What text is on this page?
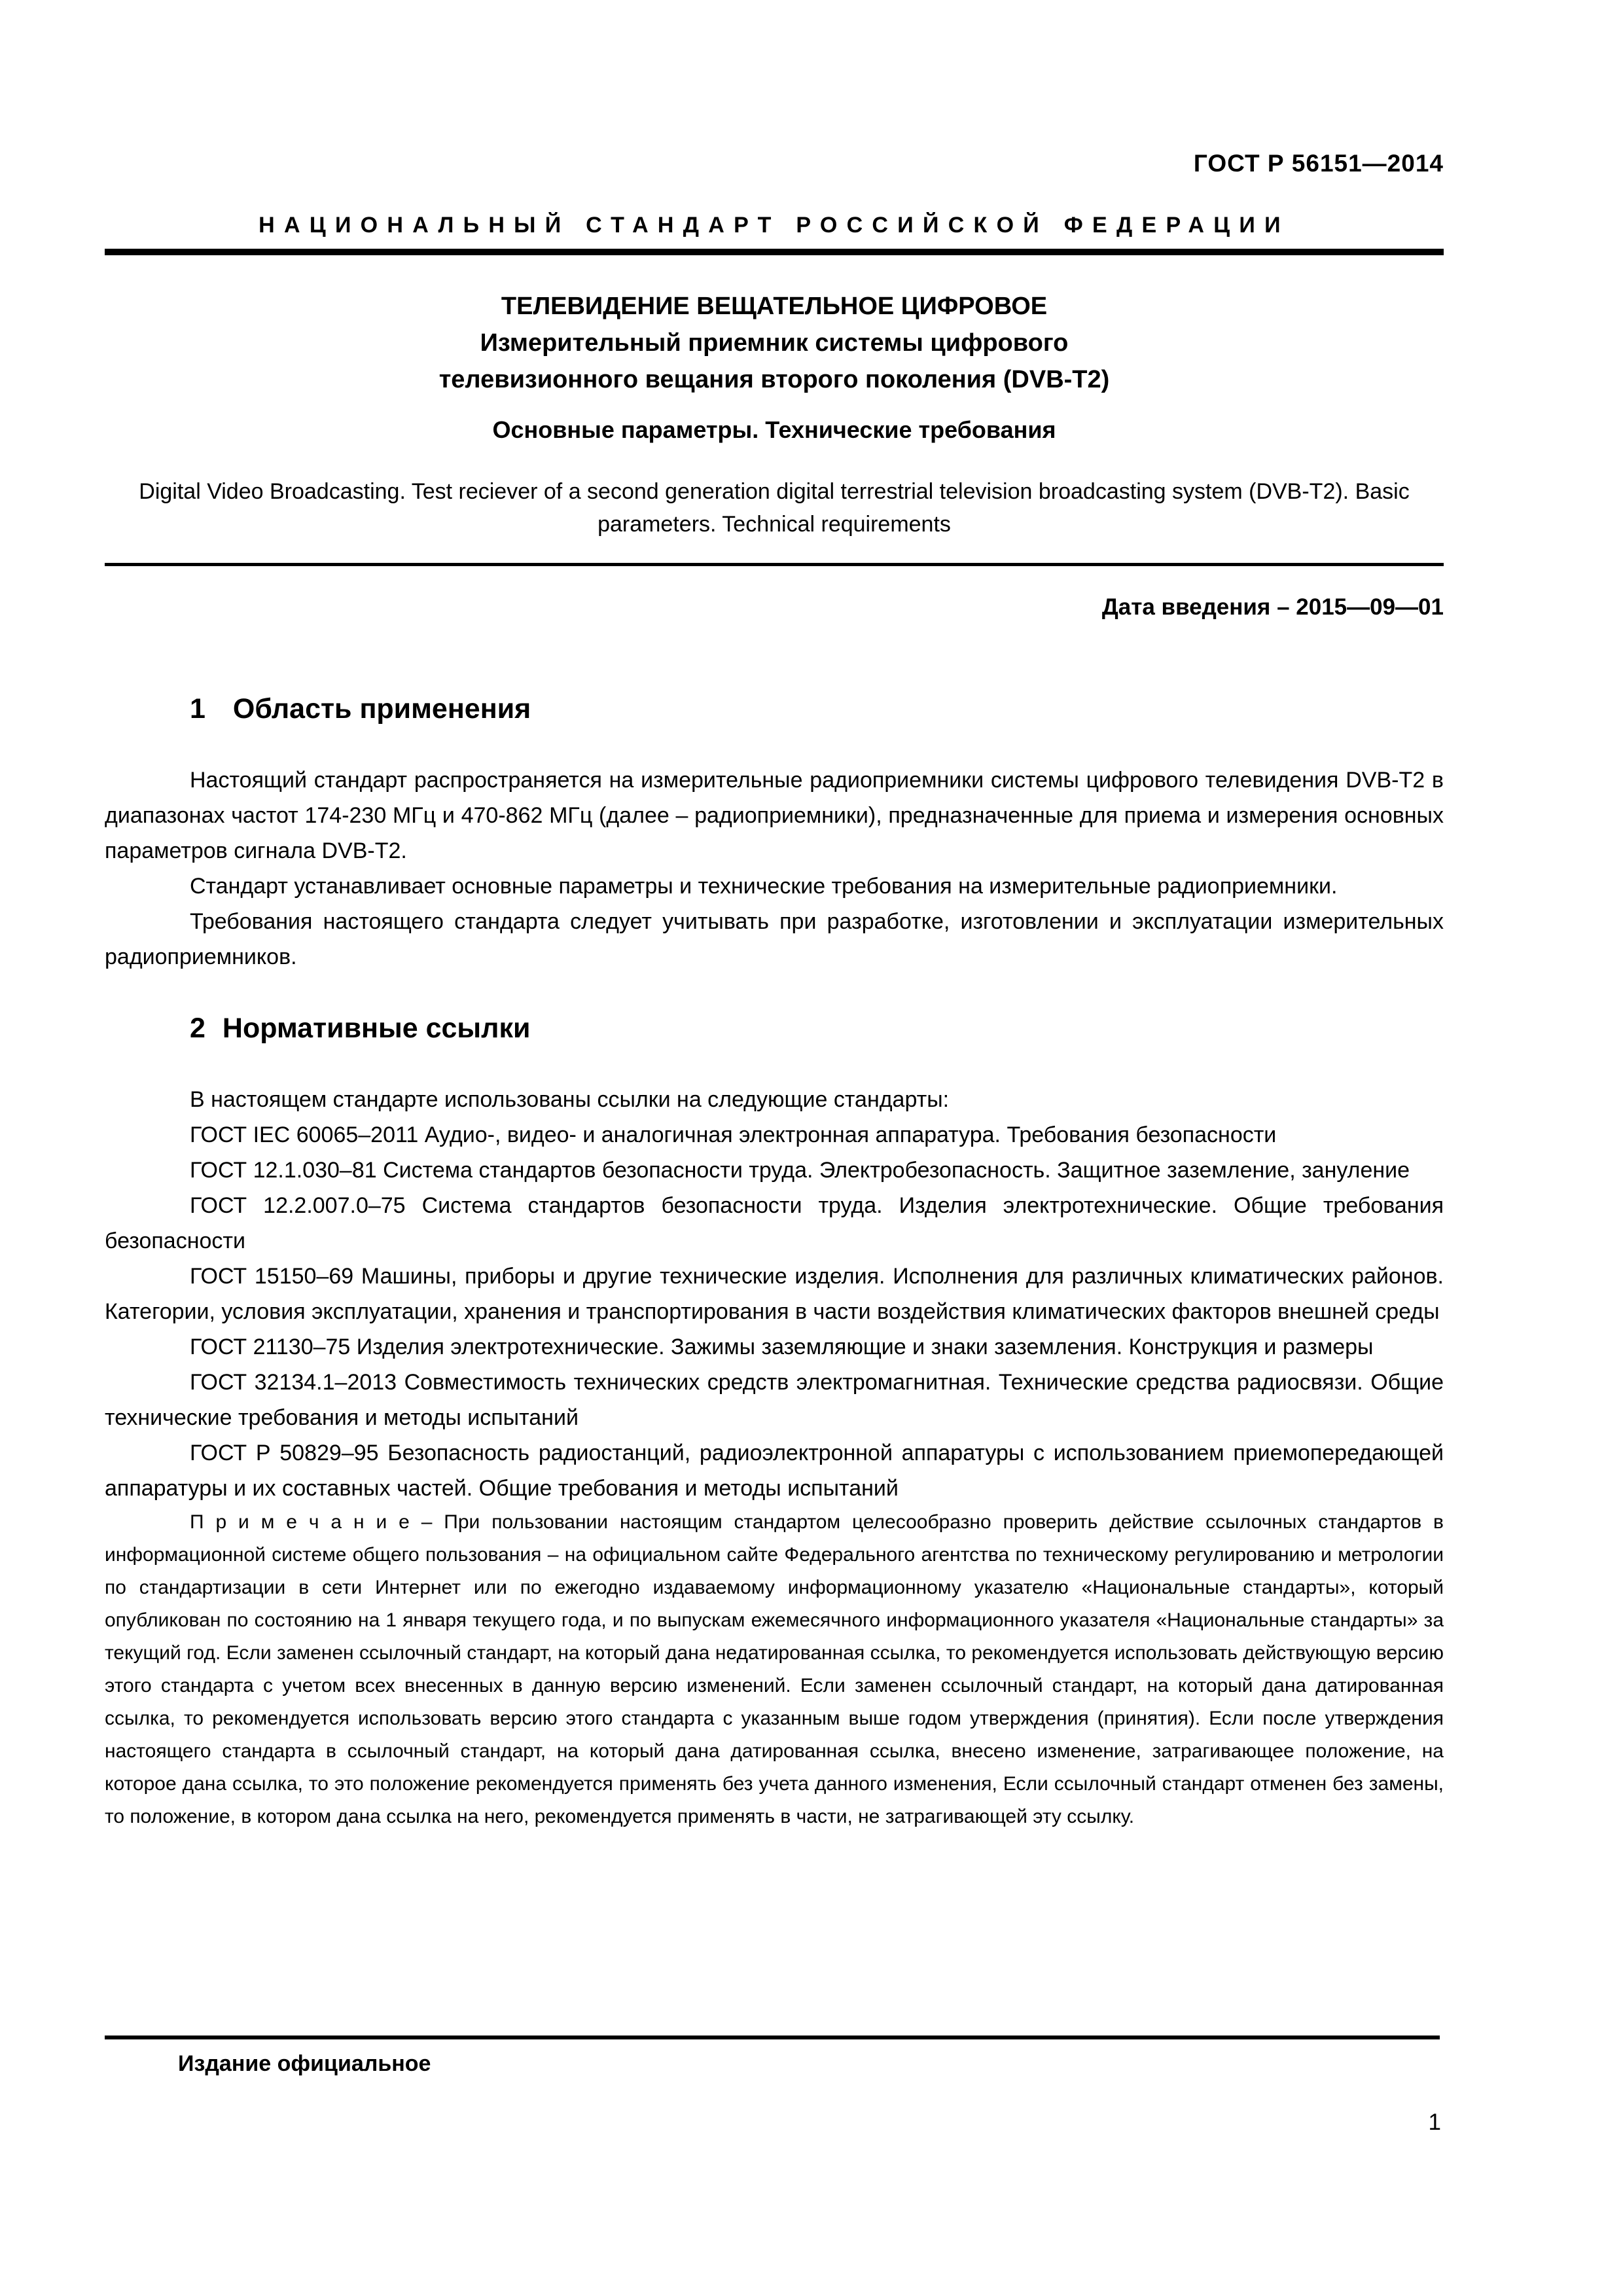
ГОСТ Р 56151—2014
НАЦИОНАЛЬНЫЙ СТАНДАРТ РОССИЙСКОЙ ФЕДЕРАЦИИ
ТЕЛЕВИДЕНИЕ ВЕЩАТЕЛЬНОЕ ЦИФРОВОЕ
Измерительный приемник системы цифрового
телевизионного вещания второго поколения (DVB-T2)
Основные параметры. Технические требования
Digital Video Broadcasting. Test reciever of a second generation digital terrestrial television broadcasting system (DVB-T2). Basic parameters. Technical requirements
Дата введения – 2015—09—01
1 Область применения

Настоящий стандарт распространяется на измерительные радиоприемники системы цифрового телевидения DVB-T2 в диапазонах частот 174-230 МГц и 470-862 МГц (далее – радиоприемники), предназначенные для приема и измерения основных параметров сигнала DVB-T2.

Стандарт устанавливает основные параметры и технические требования на измерительные радиоприемники.

Требования настоящего стандарта следует учитывать при разработке, изготовлении и эксплуатации измерительных радиоприемников.

2 Нормативные ссылки

В настоящем стандарте использованы ссылки на следующие стандарты:

ГОСТ IEC 60065–2011 Аудио-, видео- и аналогичная электронная аппаратура. Требования безопасности

ГОСТ 12.1.030–81 Система стандартов безопасности труда. Электробезопасность. Защитное заземление, зануление

ГОСТ 12.2.007.0–75 Система стандартов безопасности труда. Изделия электротехнические. Общие требования безопасности

ГОСТ 15150–69 Машины, приборы и другие технические изделия. Исполнения для различных климатических районов. Категории, условия эксплуатации, хранения и транспортирования в части воздействия климатических факторов внешней среды

ГОСТ 21130–75 Изделия электротехнические. Зажимы заземляющие и знаки заземления. Конструкция и размеры

ГОСТ 32134.1–2013 Совместимость технических средств электромагнитная. Технические средства радиосвязи. Общие технические требования и методы испытаний

ГОСТ Р 50829–95 Безопасность радиостанций, радиоэлектронной аппаратуры с использованием приемопередающей аппаратуры и их составных частей. Общие требования и методы испытаний

П р и м е ч а н и е – При пользовании настоящим стандартом целесообразно проверить действие ссылочных стандартов в информационной системе общего пользования – на официальном сайте Федерального агентства по техническому регулированию и метрологии по стандартизации в сети Интернет или по ежегодно издаваемому информационному указателю «Национальные стандарты», который опубликован по состоянию на 1 января текущего года, и по выпускам ежемесячного информационного указателя «Национальные стандарты» за текущий год. Если заменен ссылочный стандарт, на который дана недатированная ссылка, то рекомендуется использовать действующую версию этого стандарта с учетом всех внесенных в данную версию изменений. Если заменен ссылочный стандарт, на который дана датированная ссылка, то рекомендуется использовать версию этого стандарта с указанным выше годом утверждения (принятия). Если после утверждения настоящего стандарта в ссылочный стандарт, на который дана датированная ссылка, внесено изменение, затрагивающее положение, на которое дана ссылка, то это положение рекомендуется применять без учета данного изменения, Если ссылочный стандарт отменен без замены, то положение, в котором дана ссылка на него, рекомендуется применять в части, не затрагивающей эту ссылку.

Издание официальное
1
